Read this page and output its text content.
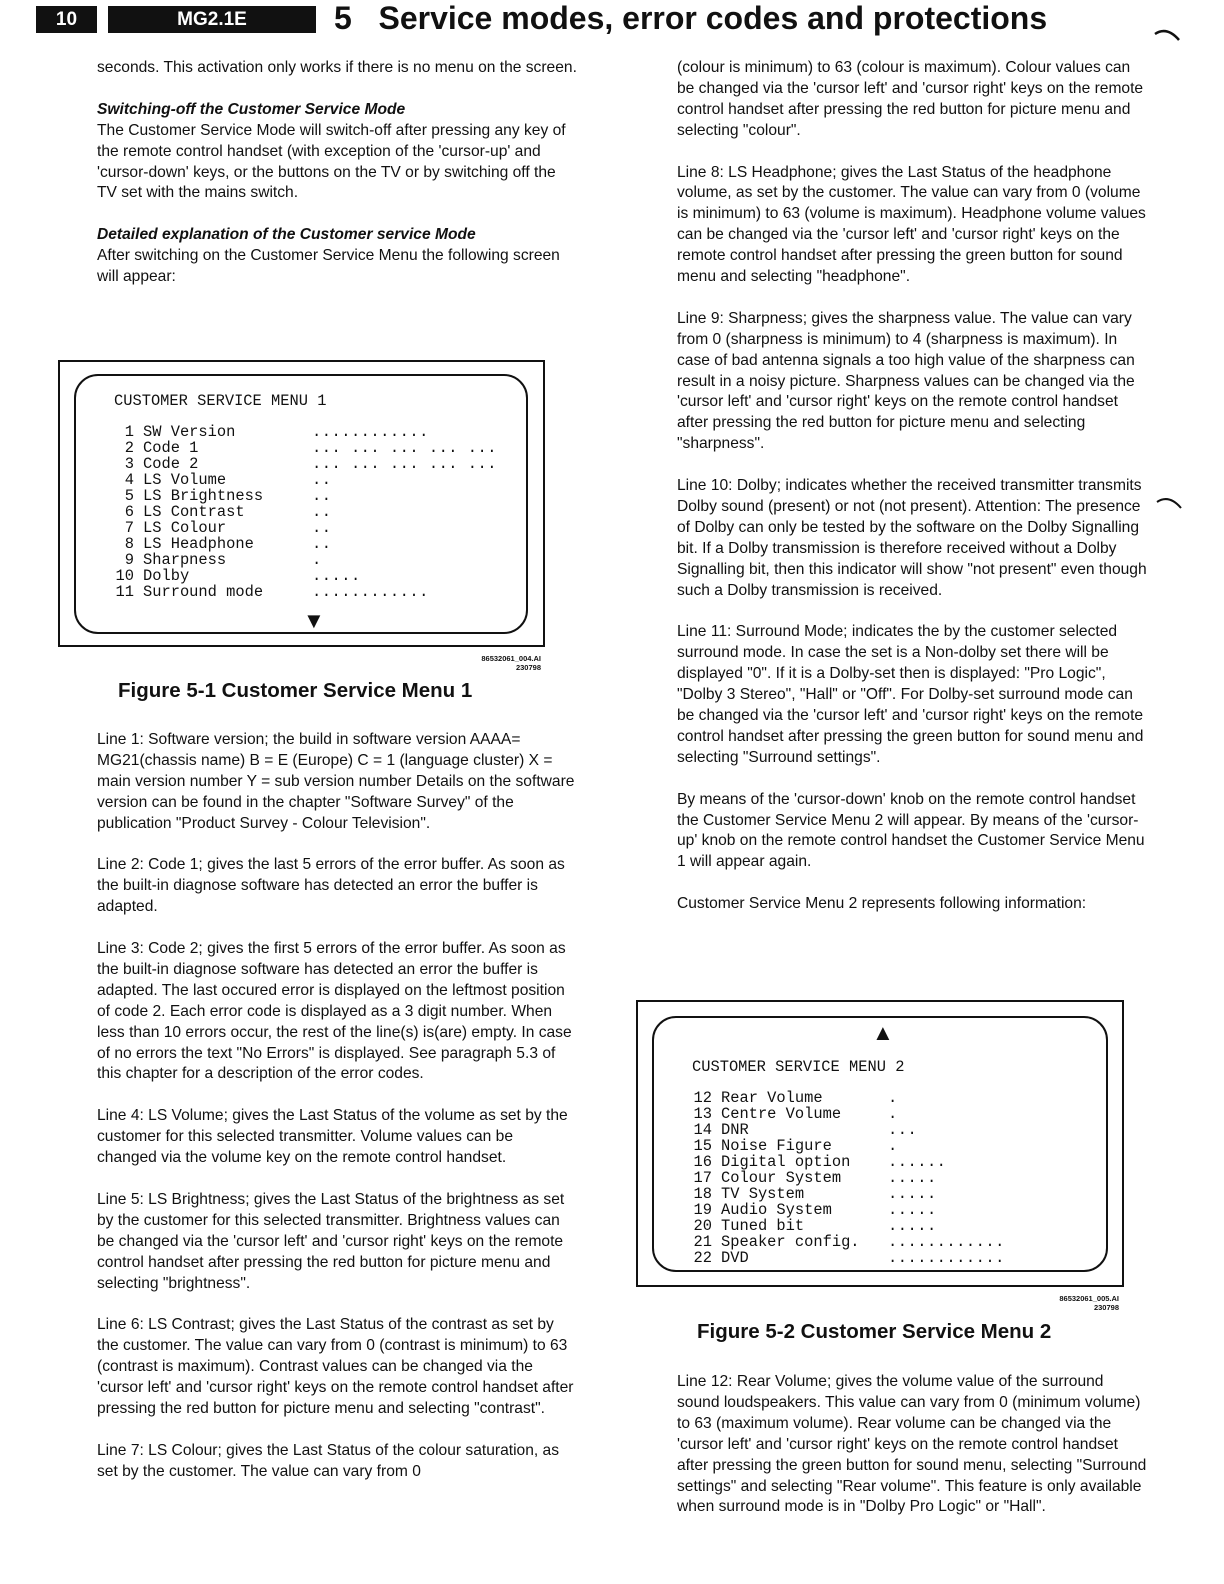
10	MG2.1E	5 Service modes, error codes and protections

seconds. This activation only works if there is no menu on the screen.

Switching-off the Customer Service Mode
The Customer Service Mode will switch-off after pressing any key of the remote control handset (with exception of the 'cursor-up' and 'cursor-down' keys, or the buttons on the TV or by switching off the TV set with the mains switch.

Detailed explanation of the Customer service Mode
After switching on the Customer Service Menu the following screen will appear:

CUSTOMER SERVICE MENU 1
1 SW Version	............
2 Code 1	... ... ... ... ...
3 Code 2	... ... ... ... ...
4 LS Volume	..
5 LS Brightness	..
6 LS Contrast	..
7 LS Colour	..
8 LS Headphone	..
9 Sharpness	.
10 Dolby	.....
11 Surround mode	............
▼
86532061_004.AI
230798
Figure 5-1 Customer Service Menu 1

Line 1: Software version; the build in software version AAAA= MG21(chassis name) B = E (Europe) C = 1 (language cluster) X = main version number Y = sub version number Details on the software version can be found in the chapter "Software Survey" of the publication "Product Survey - Colour Television".

Line 2: Code 1; gives the last 5 errors of the error buffer. As soon as the built-in diagnose software has detected an error the buffer is adapted.

Line 3: Code 2; gives the first 5 errors of the error buffer. As soon as the built-in diagnose software has detected an error the buffer is adapted. The last occured error is displayed on the leftmost position of code 2. Each error code is displayed as a 3 digit number. When less than 10 errors occur, the rest of the line(s) is(are) empty. In case of no errors the text "No Errors" is displayed. See paragraph 5.3 of this chapter for a description of the error codes.

Line 4: LS Volume; gives the Last Status of the volume as set by the customer for this selected transmitter. Volume values can be changed via the volume key on the remote control handset.

Line 5: LS Brightness; gives the Last Status of the brightness as set by the customer for this selected transmitter. Brightness values can be changed via the 'cursor left' and 'cursor right' keys on the remote control handset after pressing the red button for picture menu and selecting "brightness".

Line 6: LS Contrast; gives the Last Status of the contrast as set by the customer. The value can vary from 0 (contrast is minimum) to 63 (contrast is maximum). Contrast values can be changed via the 'cursor left' and 'cursor right' keys on the remote control handset after pressing the red button for picture menu and selecting "contrast".

Line 7: LS Colour; gives the Last Status of the colour saturation, as set by the customer. The value can vary from 0

(colour is minimum) to 63 (colour is maximum). Colour values can be changed via the 'cursor left' and 'cursor right' keys on the remote control handset after pressing the red button for picture menu and selecting "colour".

Line 8: LS Headphone; gives the Last Status of the headphone volume, as set by the customer. The value can vary from 0 (volume is minimum) to 63 (volume is maximum). Headphone volume values can be changed via the 'cursor left' and 'cursor right' keys on the remote control handset after pressing the green button for sound menu and selecting "headphone".

Line 9: Sharpness; gives the sharpness value. The value can vary from 0 (sharpness is minimum) to 4 (sharpness is maximum). In case of bad antenna signals a too high value of the sharpness can result in a noisy picture. Sharpness values can be changed via the 'cursor left' and 'cursor right' keys on the remote control handset after pressing the red button for picture menu and selecting "sharpness".

Line 10: Dolby; indicates whether the received transmitter transmits Dolby sound (present) or not (not present). Attention: The presence of Dolby can only be tested by the software on the Dolby Signalling bit. If a Dolby transmission is therefore received without a Dolby Signalling bit, then this indicator will show "not present" even though such a Dolby transmission is received.

Line 11: Surround Mode; indicates the by the customer selected surround mode. In case the set is a Non-dolby set there will be displayed "0". If it is a Dolby-set then is displayed: "Pro Logic", "Dolby 3 Stereo", "Hall" or "Off". For Dolby-set surround mode can be changed via the 'cursor left' and 'cursor right' keys on the remote control handset after pressing the green button for sound menu and selecting "Surround settings".

By means of the 'cursor-down' knob on the remote control handset the Customer Service Menu 2 will appear. By means of the 'cursor-up' knob on the remote control handset the Customer Service Menu 1 will appear again.

Customer Service Menu 2 represents following information:

▲
CUSTOMER SERVICE MENU 2
12 Rear Volume	.
13 Centre Volume	.
14 DNR	...
15 Noise Figure	.
16 Digital option ......
17 Colour System	.....
18 TV System	.....
19 Audio System	.....
20 Tuned bit	.....
21 Speaker config. ............
22 DVD	............
86532061_005.AI
230798
Figure 5-2 Customer Service Menu 2

Line 12: Rear Volume; gives the volume value of the surround sound loudspeakers. This value can vary from 0 (minimum volume) to 63 (maximum volume). Rear volume can be changed via the 'cursor left' and 'cursor right' keys on the remote control handset after pressing the green button for sound menu, selecting "Surround settings" and selecting "Rear volume". This feature is only available when surround mode is in "Dolby Pro Logic" or "Hall".
